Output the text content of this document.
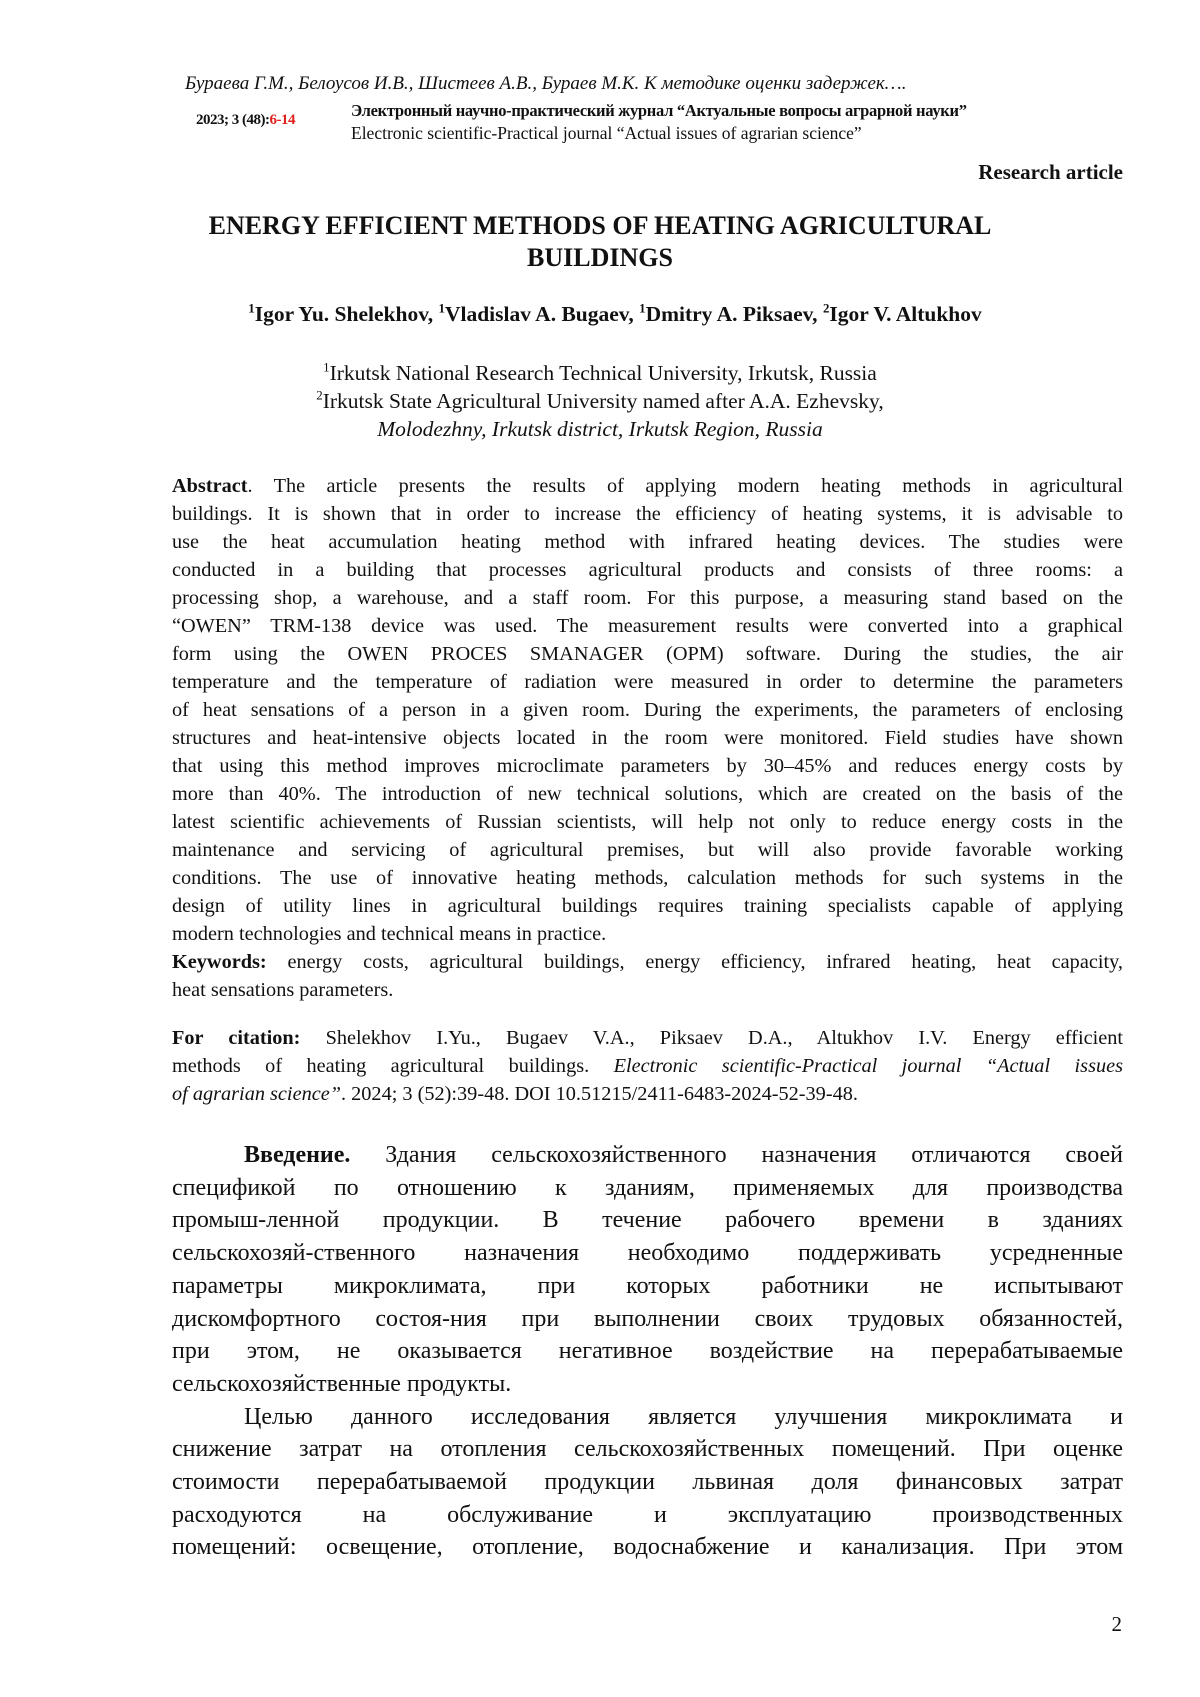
Бураева Г.М., Белоусов И.В., Шистеев А.В., Бураев М.К. К методике оценки задержек….
2023; 3 (48):6-14	Электронный научно-практический журнал “Актуальные вопросы аграрной науки”
Electronic scientific-Practical journal “Actual issues of agrarian science”
Research article
ENERGY EFFICIENT METHODS OF HEATING AGRICULTURAL
BUILDINGS
1Igor Yu. Shelekhov, 1Vladislav A. Bugaev, 1Dmitry A. Piksaev, 2Igor V. Altukhov
1Irkutsk National Research Technical University, Irkutsk, Russia
2Irkutsk State Agricultural University named after A.A. Ezhevsky,
Molodezhny, Irkutsk district, Irkutsk Region, Russia
Abstract. The article presents the results of applying modern heating methods in agricultural
buildings. It is shown that in order to increase the efficiency of heating systems, it is advisable to
use the heat accumulation heating method with infrared heating devices. The studies were
conducted in a building that processes agricultural products and consists of three rooms: a
processing shop, a warehouse, and a staff room. For this purpose, a measuring stand based on the
“OWEN” TRM-138 device was used. The measurement results were converted into a graphical
form using the OWEN PROCES SMANAGER (OPM) software. During the studies, the air
temperature and the temperature of radiation were measured in order to determine the parameters
of heat sensations of a person in a given room. During the experiments, the parameters of enclosing
structures and heat-intensive objects located in the room were monitored. Field studies have shown
that using this method improves microclimate parameters by 30–45% and reduces energy costs by
more than 40%. The introduction of new technical solutions, which are created on the basis of the
latest scientific achievements of Russian scientists, will help not only to reduce energy costs in the
maintenance and servicing of agricultural premises, but will also provide favorable working
conditions. The use of innovative heating methods, calculation methods for such systems in the
design of utility lines in agricultural buildings requires training specialists capable of applying
modern technologies and technical means in practice.
Keywords: energy costs, agricultural buildings, energy efficiency, infrared heating, heat capacity,
heat sensations parameters.
For citation: Shelekhov I.Yu., Bugaev V.A., Piksaev D.A., Altukhov I.V. Energy efficient
methods of heating agricultural buildings. Electronic scientific-Practical journal “Actual issues
of agrarian science”. 2024; 3 (52):39-48. DOI 10.51215/2411-6483-2024-52-39-48.
Введение. Здания сельскохозяйственного назначения отличаются своей
спецификой по отношению к зданиям, применяемых для производства
промыш-ленной продукции. В течение рабочего времени в зданиях
сельскохозяй-ственного назначения необходимо поддерживать усредненные
параметры микроклимата, при которых работники не испытывают
дискомфортного состоя-ния при выполнении своих трудовых обязанностей,
при этом, не оказывается негативное воздействие на перерабатываемые
сельскохозяйственные продукты.
Целью данного исследования является улучшения микроклимата и
снижение затрат на отопления сельскохозяйственных помещений. При оценке
стоимости перерабатываемой продукции львиная доля финансовых затрат
расходуются на обслуживание и эксплуатацию производственных
помещений: освещение, отопление, водоснабжение и канализация. При этом
2
